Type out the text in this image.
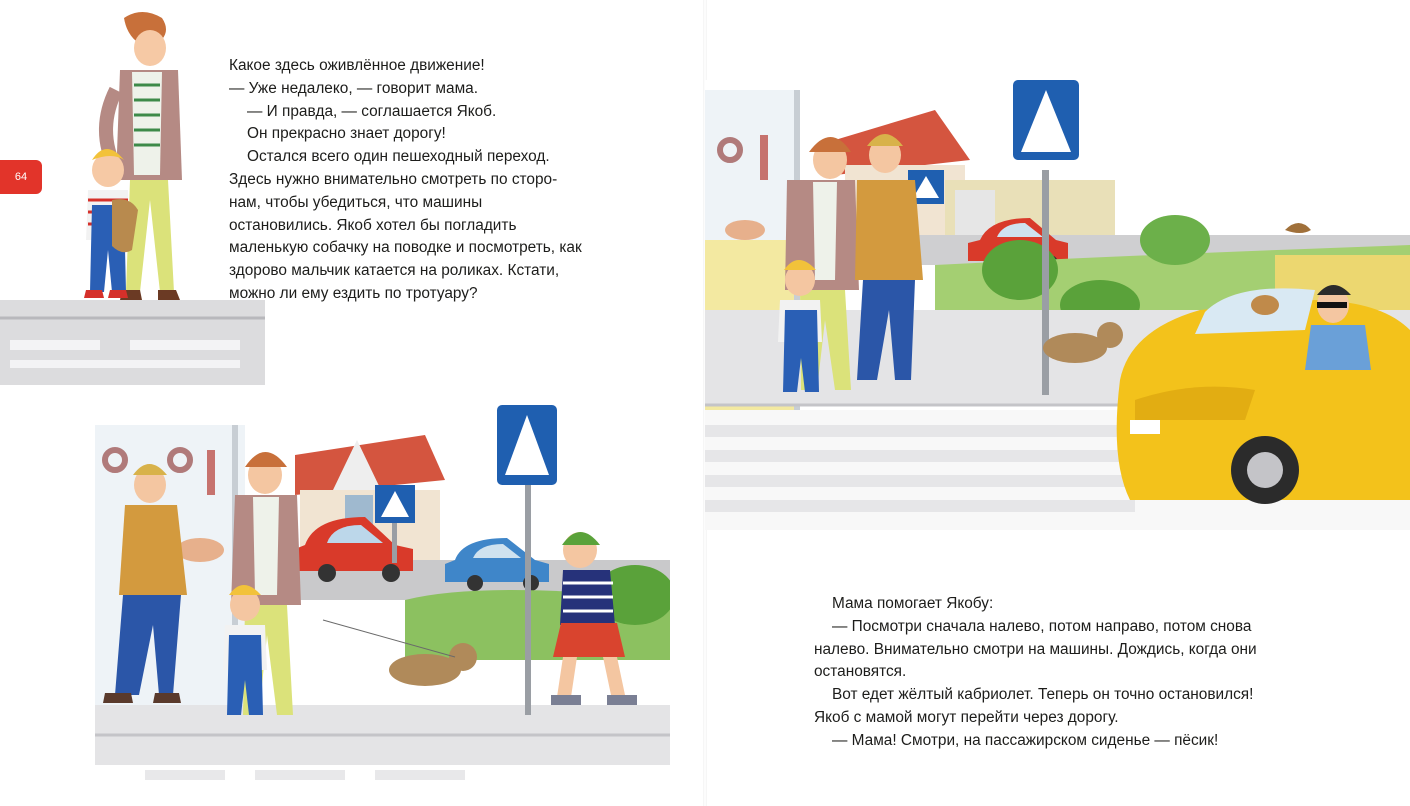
64

Какое здесь оживлённое движение!

— Уже недалеко, — говорит мама.

— И правда, — соглашается Якоб.

Он прекрасно знает дорогу!

Остался всего один пешеходный переход.

Здесь нужно внимательно смотреть по сторо-

нам, чтобы убедиться, что машины остановились. Якоб хотел бы погладить маленькую собачку на поводке и посмотреть, как здорово мальчик катается на роликах. Кстати, можно ли ему ездить по тротуару?

Мама помогает Якобу:

— Посмотри сначала налево, потом направо, потом снова налево. Внимательно смотри на машины. Дождись, когда они остановятся.

Вот едет жёлтый кабриолет. Теперь он точно остановился! Якоб с мамой могут перейти через дорогу.

— Мама! Смотри, на пассажирском сиденье — пёсик!
